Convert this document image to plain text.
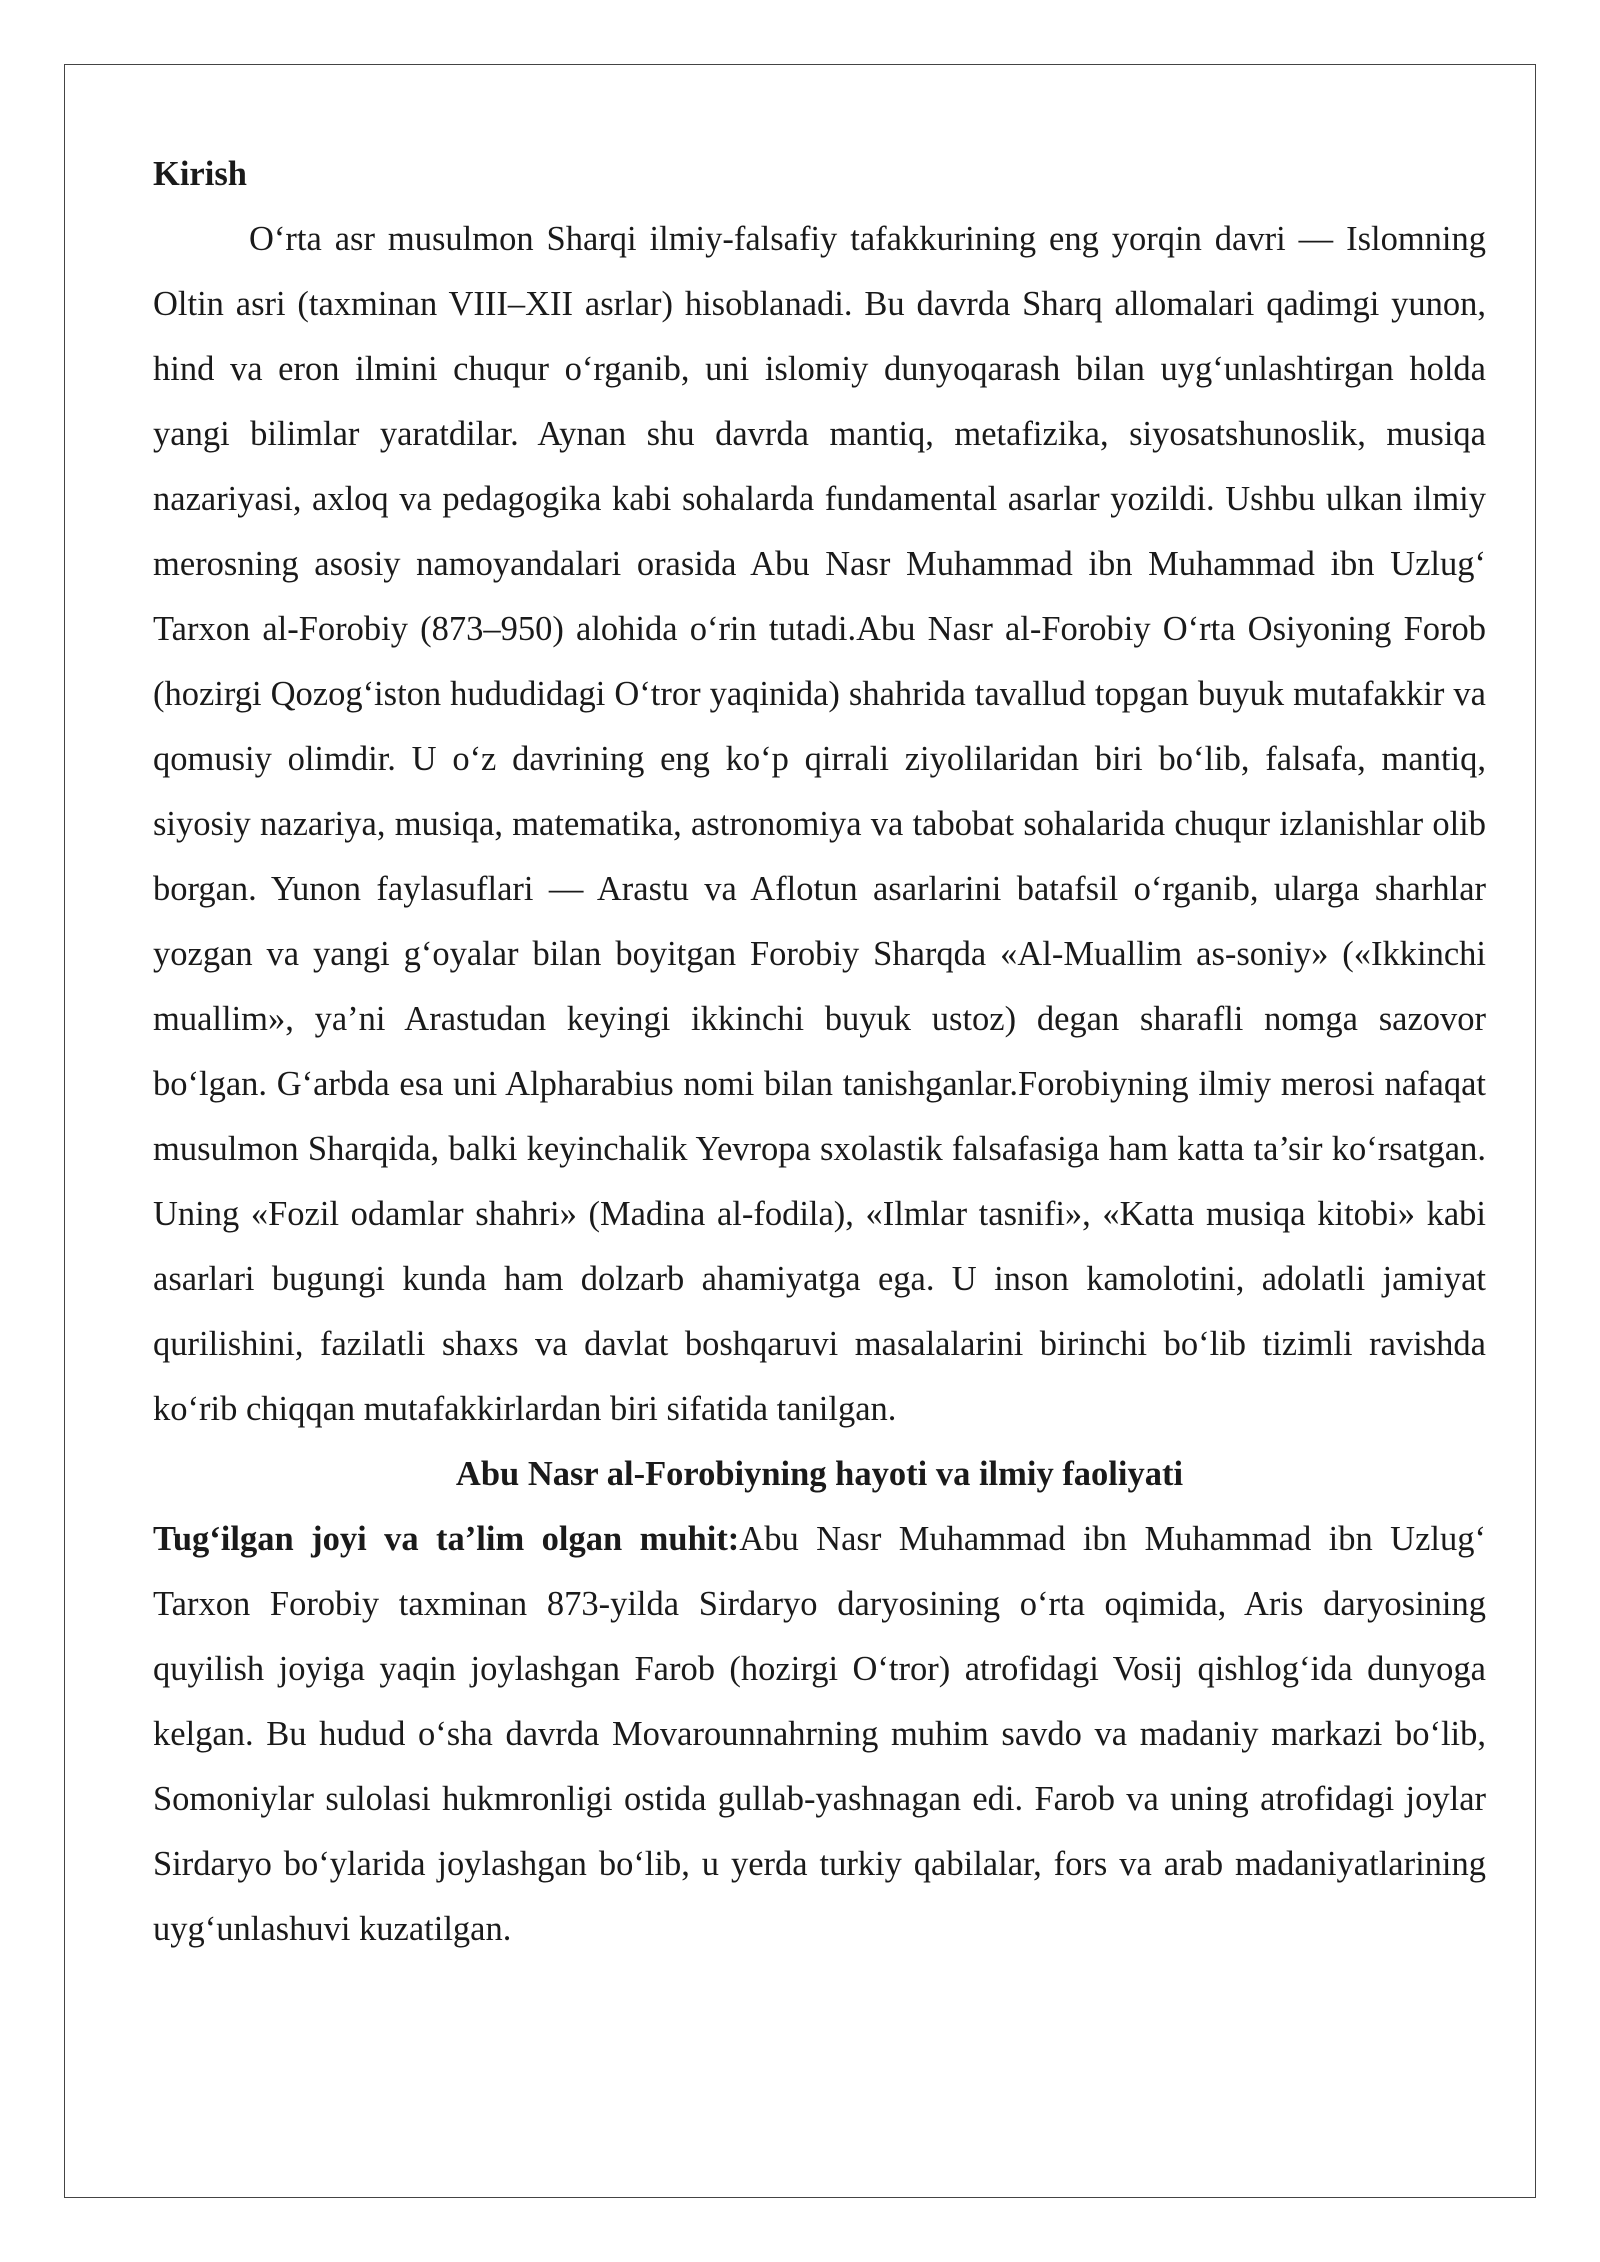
Kirish

O‘rta asr musulmon Sharqi ilmiy-falsafiy tafakkurining eng yorqin davri — Islomning Oltin asri (taxminan VIII–XII asrlar) hisoblanadi. Bu davrda Sharq allomalari qadimgi yunon, hind va eron ilmini chuqur o‘rganib, uni islomiy dunyoqarash bilan uyg‘unlashtirgan holda yangi bilimlar yaratdilar. Aynan shu davrda mantiq, metafizika, siyosatshunoslik, musiqa nazariyasi, axloq va pedagogika kabi sohalarda fundamental asarlar yozildi. Ushbu ulkan ilmiy merosning asosiy namoyandalari orasida Abu Nasr Muhammad ibn Muhammad ibn Uzlug‘ Tarxon al-Forobiy (873–950) alohida o‘rin tutadi.Abu Nasr al-Forobiy O‘rta Osiyoning Forob (hozirgi Qozog‘iston hududidagi O‘tror yaqinida) shahrida tavallud topgan buyuk mutafakkir va qomusiy olimdir. U o‘z davrining eng ko‘p qirrali ziyolilaridan biri bo‘lib, falsafa, mantiq, siyosiy nazariya, musiqa, matematika, astronomiya va tabobat sohalarida chuqur izlanishlar olib borgan. Yunon faylasuflari — Arastu va Aflotun asarlarini batafsil o‘rganib, ularga sharhlar yozgan va yangi g‘oyalar bilan boyitgan Forobiy Sharqda «Al-Muallim as-soniy» («Ikkinchi muallim», ya’ni Arastudan keyingi ikkinchi buyuk ustoz) degan sharafli nomga sazovor bo‘lgan. G‘arbda esa uni Alpharabius nomi bilan tanishganlar.Forobiyning ilmiy merosi nafaqat musulmon Sharqida, balki keyinchalik Yevropa sxolastik falsafasiga ham katta ta’sir ko‘rsatgan. Uning «Fozil odamlar shahri» (Madina al-fodila), «Ilmlar tasnifi», «Katta musiqa kitobi» kabi asarlari bugungi kunda ham dolzarb ahamiyatga ega. U inson kamolotini, adolatli jamiyat qurilishini, fazilatli shaxs va davlat boshqaruvi masalalarini birinchi bo‘lib tizimli ravishda ko‘rib chiqqan mutafakkirlardan biri sifatida tanilgan.

Abu Nasr al-Forobiyning hayoti va ilmiy faoliyati

Tug‘ilgan joyi va ta’lim olgan muhit:Abu Nasr Muhammad ibn Muhammad ibn Uzlug‘ Tarxon Forobiy taxminan 873-yilda Sirdaryo daryosining o‘rta oqimida, Aris daryosining quyilish joyiga yaqin joylashgan Farob (hozirgi O‘tror) atrofidagi Vosij qishlog‘ida dunyoga kelgan. Bu hudud o‘sha davrda Movarounnahrning muhim savdo va madaniy markazi bo‘lib, Somoniylar sulolasi hukmronligi ostida gullab-yashnagan edi. Farob va uning atrofidagi joylar Sirdaryo bo‘ylarida joylashgan bo‘lib, u yerda turkiy qabilalar, fors va arab madaniyatlarining uyg‘unlashuvi kuzatilgan.
